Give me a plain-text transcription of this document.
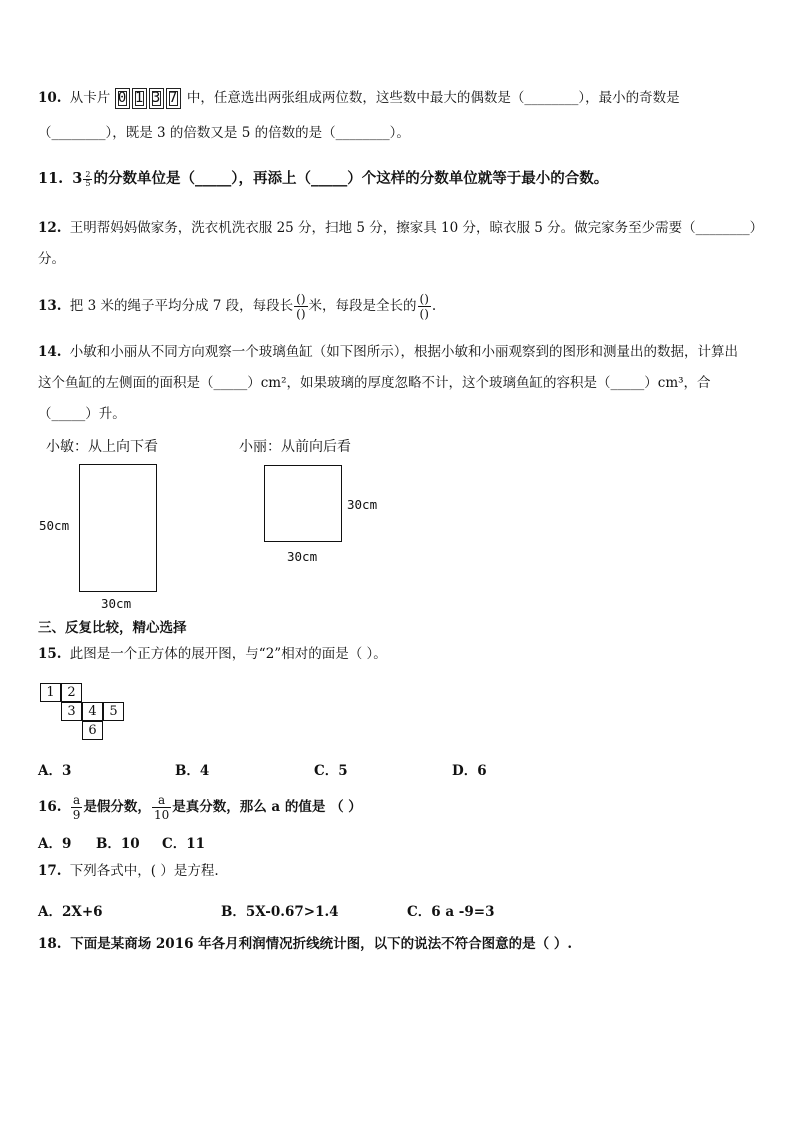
10. 从卡片 0 1 3 7 中，任意选出两张组成两位数，这些数中最大的偶数是（________），最小的奇数是
（________），既是 3 的倍数又是 5 的倍数的是（________）。
11. $3 \frac{2}{5}$ 的分数单位是（_____），再添上（_____）个这样的分数单位就等于最小的合数。
12. 王明帮妈妈做家务，洗衣机洗衣服 25 分，扫地 5 分，擦家具 10 分，晾衣服 5 分。做完家务至少需要（________）
分。
13. 把 3 米的绳子平均分成 7 段，每段长 $\frac{()}{()}$ 米，每段是全长的 $\frac{()}{()}$ .
14. 小敏和小丽从不同方向观察一个玻璃鱼缸（如下图所示），根据小敏和小丽观察到的图形和测量出的数据，计算出
这个鱼缸的左侧面的面积是（_____）cm²，如果玻璃的厚度忽略不计，这个玻璃鱼缸的容积是（_____）cm³，合
（_____）升。
小敏：从上向下看	小丽：从前向后看
50cm
30cm
30cm
30cm
三、反复比较，精心选择
15. 此图是一个正方体的展开图，与“2”相对的面是（ ）。
1 2
3 4 5
6
A．3	B．4	C．5	D．6
16. $\frac{a}{9}$ 是假分数， $\frac{a}{10}$ 是真分数，那么 a 的值是 （ ）
A．9 B．10 C．11
17. 下列各式中，( ）是方程.
A．2X+6	B．5X-0.67>1.4	C．6 a -9=3
18. 下面是某商场 2016 年各月利润情况折线统计图，以下的说法不符合图意的是（ ）.
